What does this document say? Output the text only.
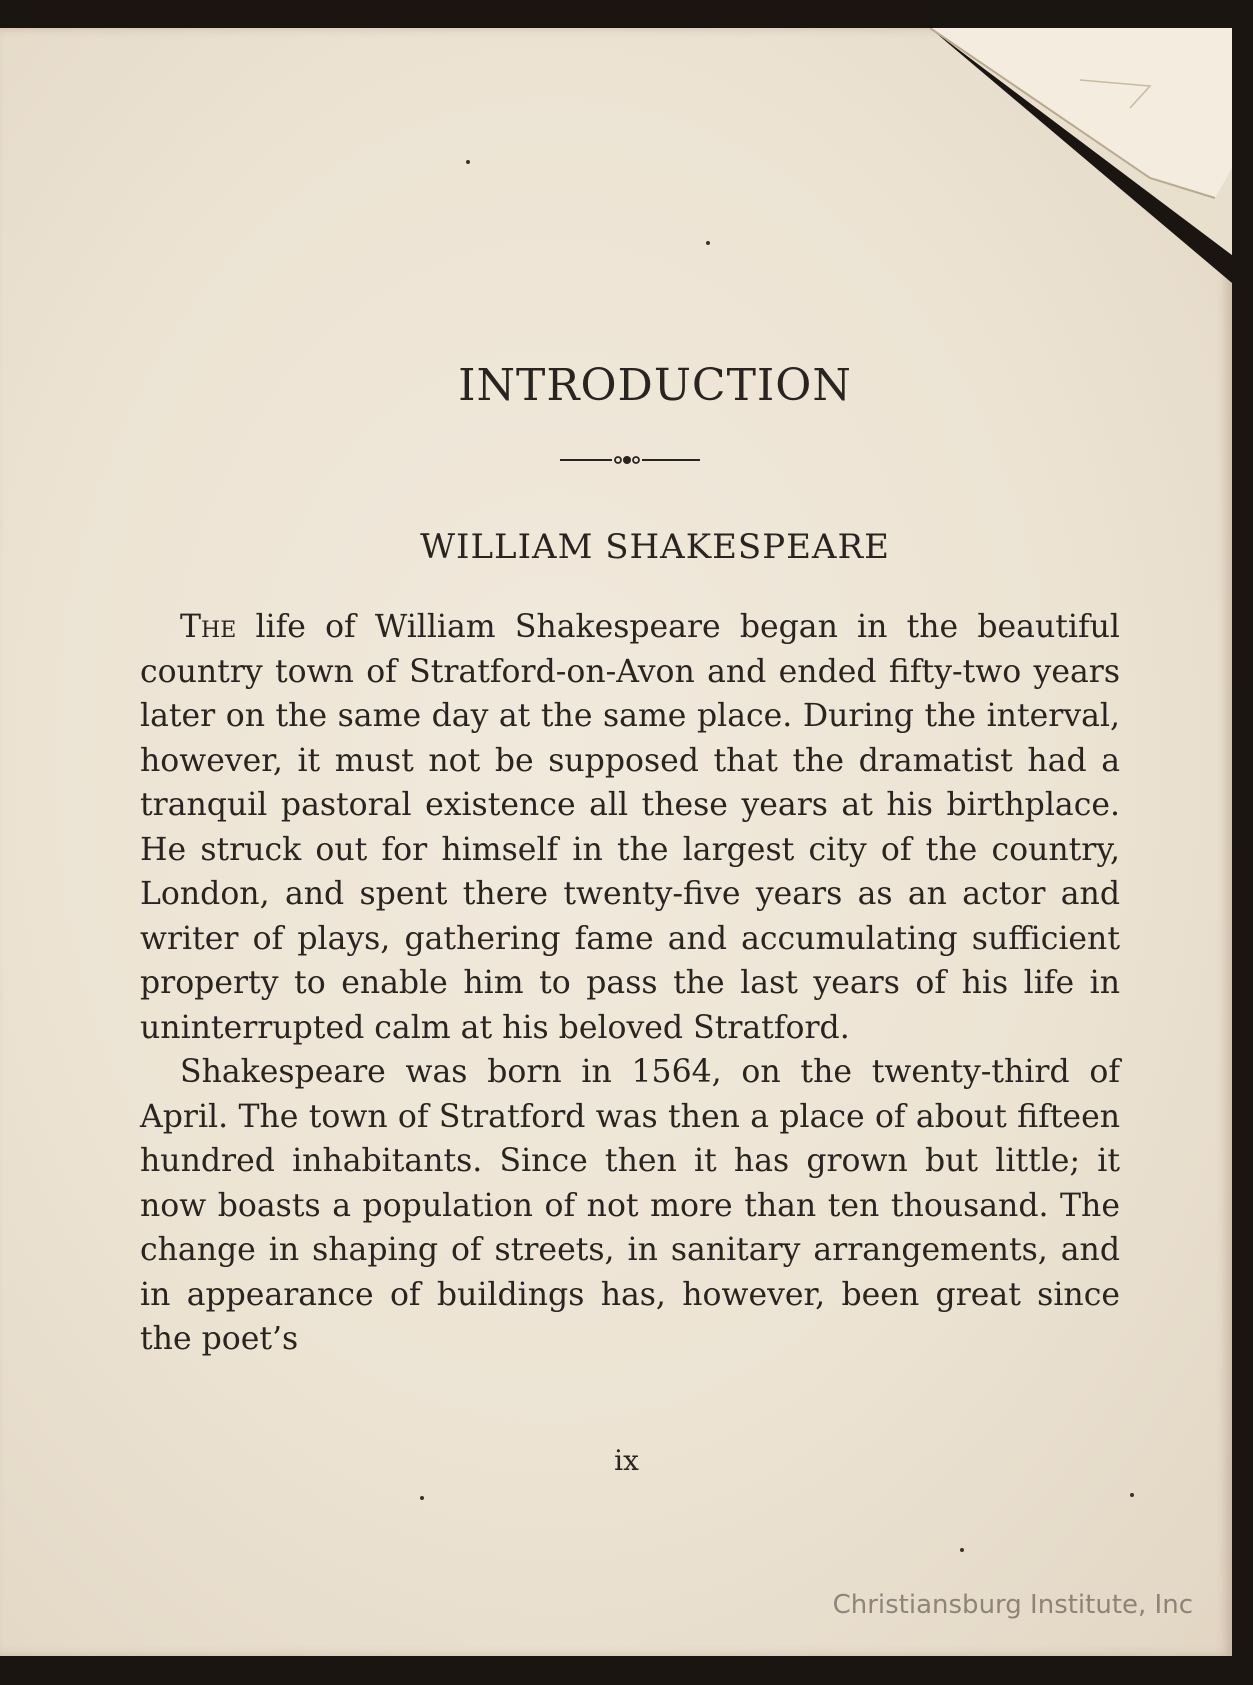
INTRODUCTION
WILLIAM SHAKESPEARE

The life of William Shakespeare began in the beautiful country town of Stratford-on-Avon and ended fifty-two years later on the same day at the same place. During the interval, however, it must not be supposed that the dramatist had a tranquil pastoral existence all these years at his birthplace. He struck out for himself in the largest city of the country, London, and spent there twenty-five years as an actor and writer of plays, gathering fame and accumulating sufficient property to enable him to pass the last years of his life in uninterrupted calm at his beloved Stratford.

Shakespeare was born in 1564, on the twenty-third of April. The town of Stratford was then a place of about fifteen hundred inhabitants. Since then it has grown but little; it now boasts a population of not more than ten thousand. The change in shaping of streets, in sanitary arrangements, and in appearance of buildings has, however, been great since the poet’s

ix
Christiansburg Institute, Inc
